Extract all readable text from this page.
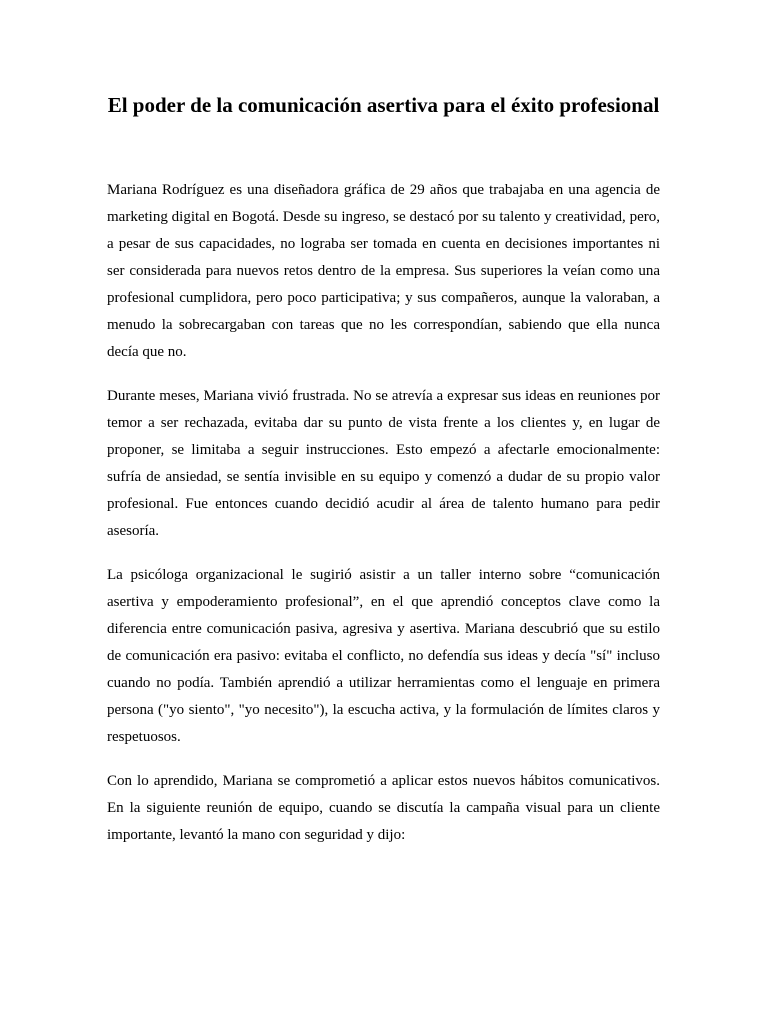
El poder de la comunicación asertiva para el éxito profesional

Mariana Rodríguez es una diseñadora gráfica de 29 años que trabajaba en una agencia de marketing digital en Bogotá. Desde su ingreso, se destacó por su talento y creatividad, pero, a pesar de sus capacidades, no lograba ser tomada en cuenta en decisiones importantes ni ser considerada para nuevos retos dentro de la empresa. Sus superiores la veían como una profesional cumplidora, pero poco participativa; y sus compañeros, aunque la valoraban, a menudo la sobrecargaban con tareas que no les correspondían, sabiendo que ella nunca decía que no.

Durante meses, Mariana vivió frustrada. No se atrevía a expresar sus ideas en reuniones por temor a ser rechazada, evitaba dar su punto de vista frente a los clientes y, en lugar de proponer, se limitaba a seguir instrucciones. Esto empezó a afectarle emocionalmente: sufría de ansiedad, se sentía invisible en su equipo y comenzó a dudar de su propio valor profesional. Fue entonces cuando decidió acudir al área de talento humano para pedir asesoría.

La psicóloga organizacional le sugirió asistir a un taller interno sobre “comunicación asertiva y empoderamiento profesional”, en el que aprendió conceptos clave como la diferencia entre comunicación pasiva, agresiva y asertiva. Mariana descubrió que su estilo de comunicación era pasivo: evitaba el conflicto, no defendía sus ideas y decía "sí" incluso cuando no podía. También aprendió a utilizar herramientas como el lenguaje en primera persona ("yo siento", "yo necesito"), la escucha activa, y la formulación de límites claros y respetuosos.

Con lo aprendido, Mariana se comprometió a aplicar estos nuevos hábitos comunicativos. En la siguiente reunión de equipo, cuando se discutía la campaña visual para un cliente importante, levantó la mano con seguridad y dijo:
